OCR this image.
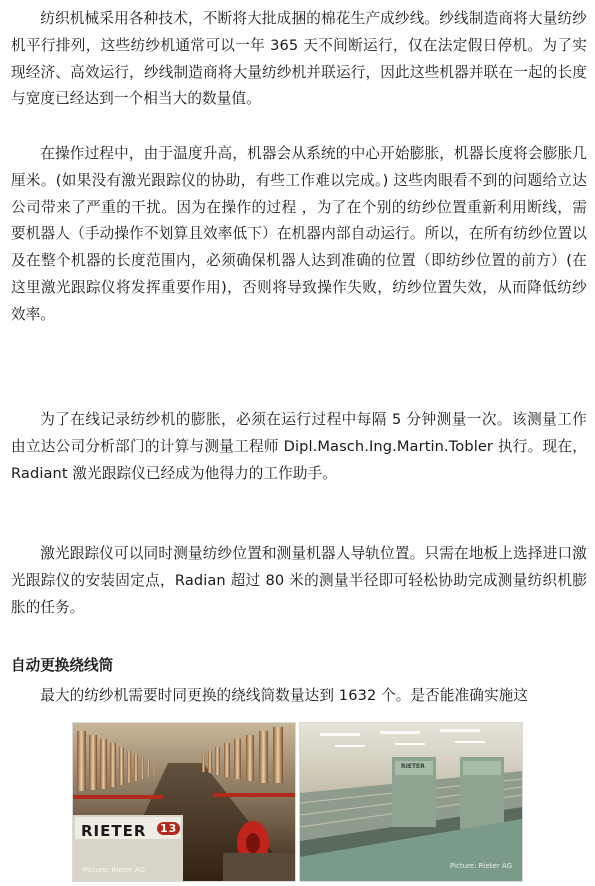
纺织机械采用各种技术，不断将大批成捆的棉花生产成纱线。纱线制造商将大量纺纱机平行排列，这些纺纱机通常可以一年 365 天不间断运行，仅在法定假日停机。为了实现经济、高效运行，纱线制造商将大量纺纱机并联运行，因此这些机器并联在一起的长度与宽度已经达到一个相当大的数量值。

在操作过程中，由于温度升高，机器会从系统的中心开始膨胀，机器长度将会膨胀几厘米。(如果没有激光跟踪仪的协助，有些工作难以完成。) 这些肉眼看不到的问题给立达公司带来了严重的干扰。因为在操作的过程 ，为了在个别的纺纱位置重新利用断线，需要机器人（手动操作不划算且效率低下）在机器内部自动运行。所以，在所有纺纱位置以及在整个机器的长度范围内，必须确保机器人达到准确的位置（即纺纱位置的前方）(在这里激光跟踪仪将发挥重要作用)，否则将导致操作失败，纺纱位置失效，从而降低纺纱效率。

为了在线记录纺纱机的膨胀，必须在运行过程中每隔 5 分钟测量一次。该测量工作由立达公司分析部门的计算与测量工程师 Dipl.Masch.Ing.Martin.Tobler 执行。现在，Radiant 激光跟踪仪已经成为他得力的工作助手。

激光跟踪仪可以同时测量纺纱位置和测量机器人导轨位置。只需在地板上选择进口激光跟踪仪的安装固定点，Radian 超过 80 米的测量半径即可轻松协助完成测量纺织机膨胀的任务。

自动更换绕线筒

最大的纺纱机需要时同更换的绕线筒数量达到 1632 个。是否能准确实施这

RIETER 13
Picture: Rieter AG
RIETER
Picture: Rieter AG
